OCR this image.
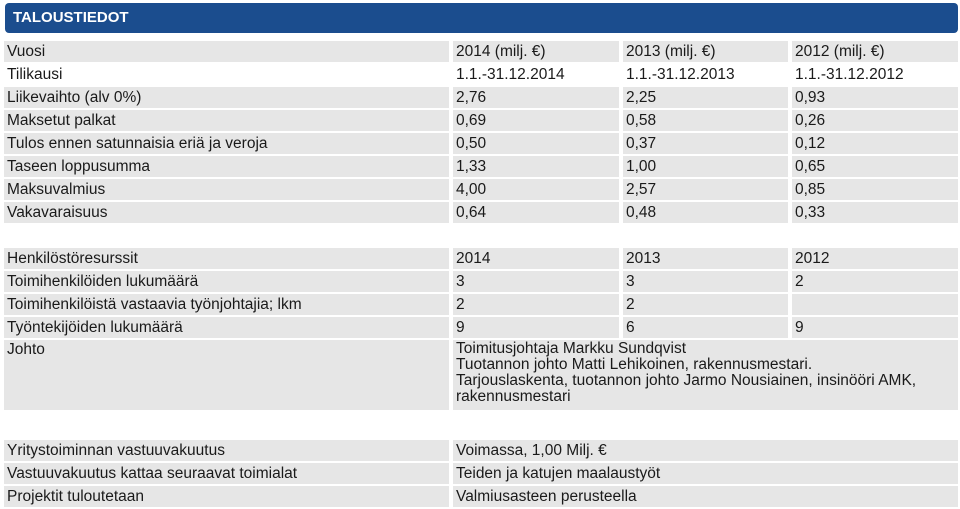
TALOUSTIEDOT
Vuosi	2014 (milj. €)	2013 (milj. €)	2012 (milj. €)
Tilikausi	1.1.-31.12.2014	1.1.-31.12.2013	1.1.-31.12.2012
Liikevaihto (alv 0%)	2,76	2,25	0,93
Maksetut palkat	0,69	0,58	0,26
Tulos ennen satunnaisia eriä ja veroja	0,50	0,37	0,12
Taseen loppusumma	1,33	1,00	0,65
Maksuvalmius	4,00	2,57	0,85
Vakavaraisuus	0,64	0,48	0,33
Henkilöstöresurssit	2014	2013	2012
Toimihenkilöiden lukumäärä	3	3	2
Toimihenkilöistä vastaavia työnjohtajia; lkm	2	2
Työntekijöiden lukumäärä	9	6	9
Johto	Toimitusjohtaja Markku Sundqvist
Tuotannon johto Matti Lehikoinen, rakennusmestari.
Tarjouslaskenta, tuotannon johto Jarmo Nousiainen, insinööri AMK, rakennusmestari
Yritystoiminnan vastuuvakuutus	Voimassa, 1,00 Milj. €
Vastuuvakuutus kattaa seuraavat toimialat	Teiden ja katujen maalaustyöt
Projektit tuloutetaan	Valmiusasteen perusteella
